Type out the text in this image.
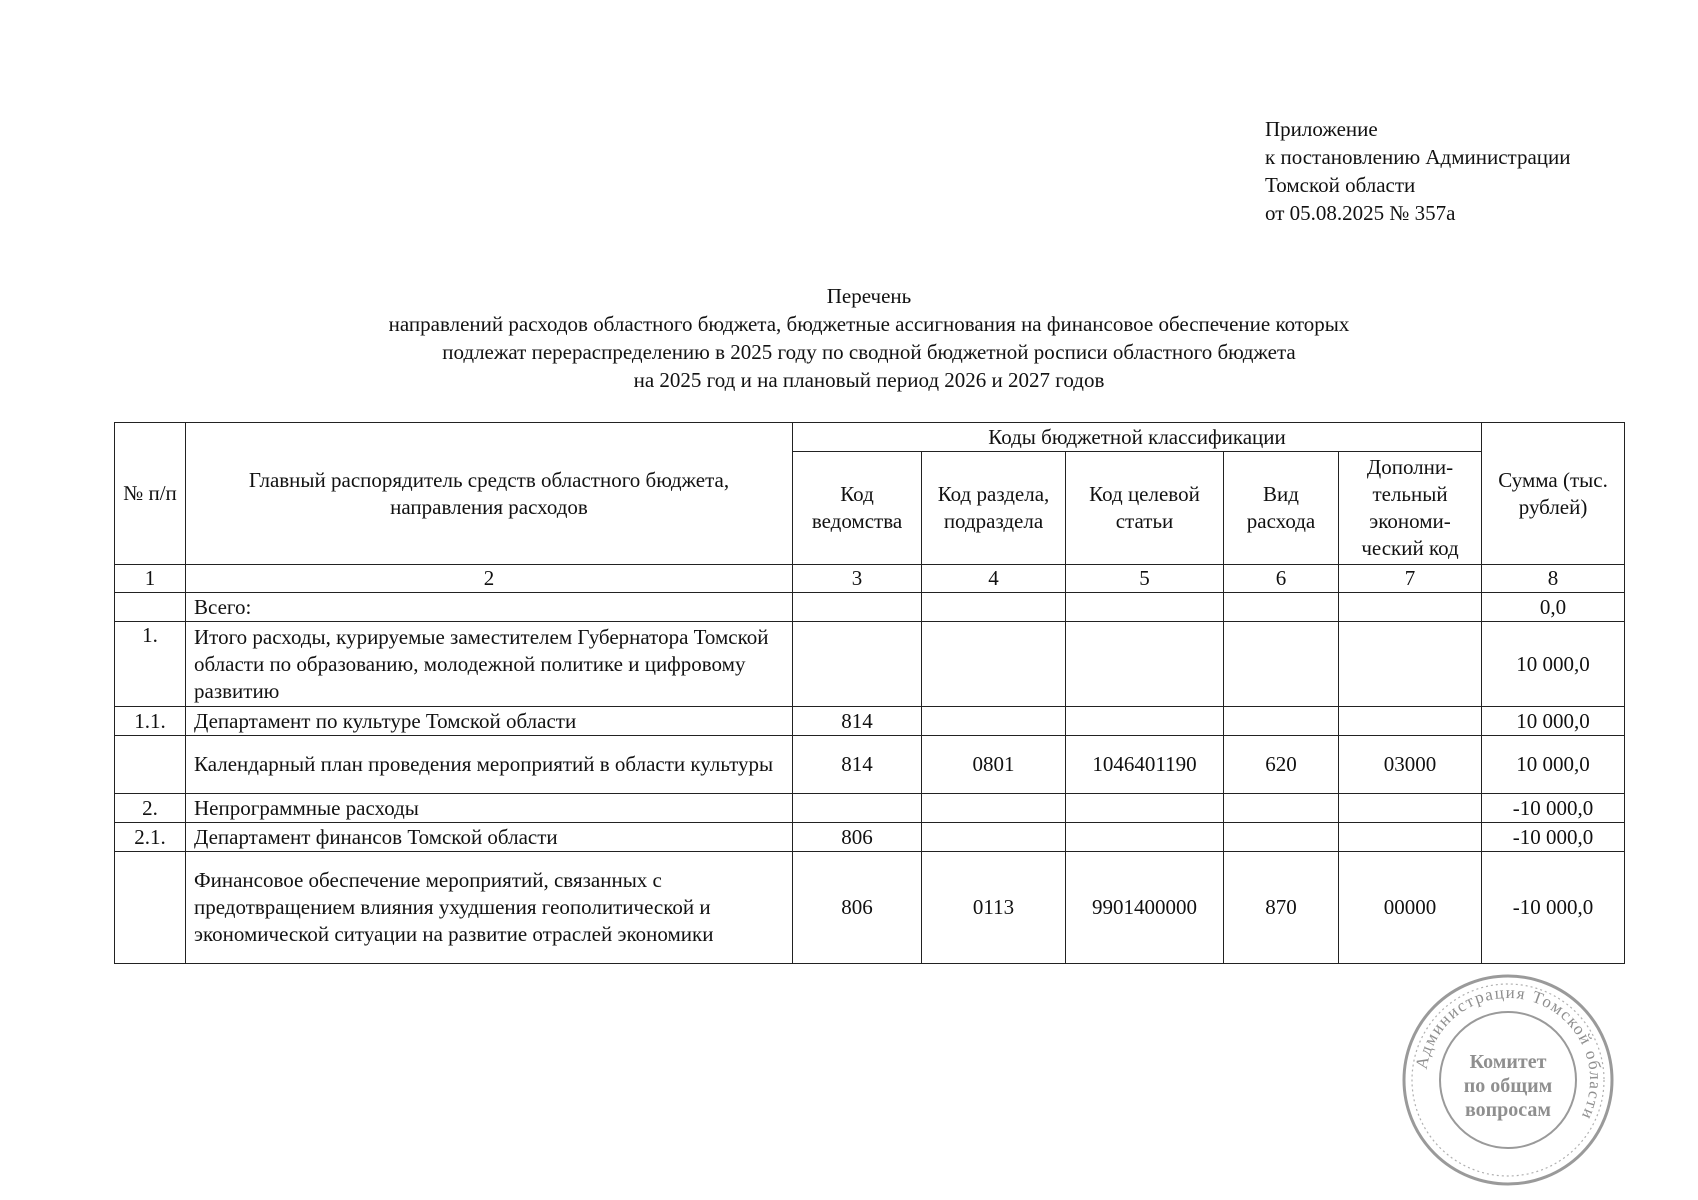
Приложение
к постановлению Администрации
Томской области
от 05.08.2025 № 357а
Перечень
направлений расходов областного бюджета, бюджетные ассигнования на финансовое обеспечение которых
подлежат перераспределению в 2025 году по сводной бюджетной росписи областного бюджета
на 2025 год и на плановый период 2026 и 2027 годов
№ п/п	Главный распорядитель средств областного бюджета, направления расходов	Коды бюджетной классификации					Сумма (тыс. рублей)
		Код ведомства	Код раздела, подраздела	Код целевой статьи	Вид расхода	Дополни-тельный экономи-ческий код	
1	2	3	4	5	6	7	8
	Всего:						0,0
1.	Итого расходы, курируемые заместителем Губернатора Томской области по образованию, молодежной политике и цифровому развитию						10 000,0
1.1.	Департамент по культуре Томской области	814					10 000,0
	Календарный план проведения мероприятий в области культуры	814	0801	1046401190	620	03000	10 000,0
2.	Непрограммные расходы						-10 000,0
2.1.	Департамент финансов Томской области	806					-10 000,0
	Финансовое обеспечение мероприятий, связанных с предотвращением влияния ухудшения геополитической и экономической ситуации на развитие отраслей экономики	806	0113	9901400000	870	00000	-10 000,0
Администрация Томской области
Комитет
по общим
вопросам
